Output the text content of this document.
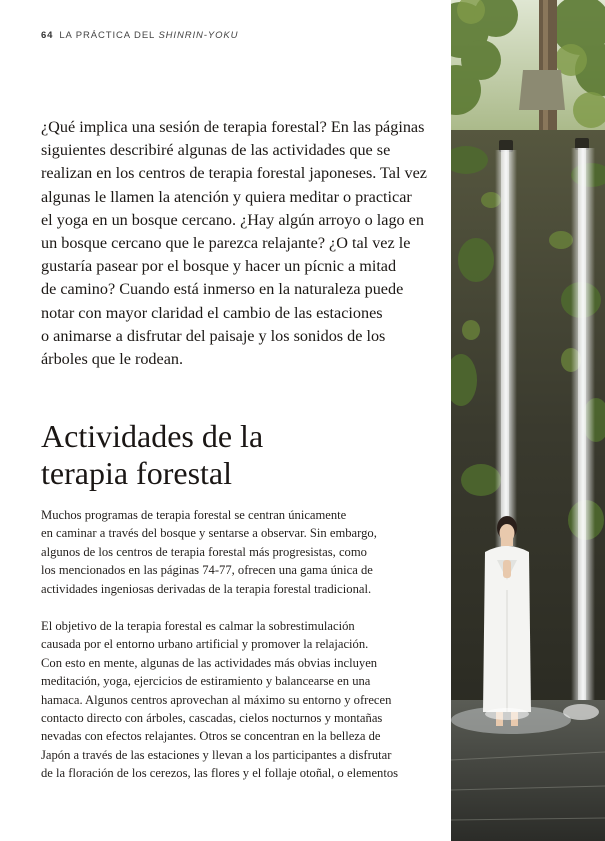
64 LA PRÁCTICA DEL SHINRIN-YOKU
¿Qué implica una sesión de terapia forestal? En las páginas
siguientes describiré algunas de las actividades que se
realizan en los centros de terapia forestal japoneses. Tal vez
algunas le llamen la atención y quiera meditar o practicar
el yoga en un bosque cercano. ¿Hay algún arroyo o lago en
un bosque cercano que le parezca relajante? ¿O tal vez le
gustaría pasear por el bosque y hacer un pícnic a mitad
de camino? Cuando está inmerso en la naturaleza puede
notar con mayor claridad el cambio de las estaciones
o animarse a disfrutar del paisaje y los sonidos de los
árboles que le rodean.
Actividades de la
terapia forestal
Muchos programas de terapia forestal se centran únicamente
en caminar a través del bosque y sentarse a observar. Sin embargo,
algunos de los centros de terapia forestal más progresistas, como
los mencionados en las páginas 74-77, ofrecen una gama única de
actividades ingeniosas derivadas de la terapia forestal tradicional.
El objetivo de la terapia forestal es calmar la sobrestimulación
causada por el entorno urbano artificial y promover la relajación.
Con esto en mente, algunas de las actividades más obvias incluyen
meditación, yoga, ejercicios de estiramiento y balancearse en una
hamaca. Algunos centros aprovechan al máximo su entorno y ofrecen
contacto directo con árboles, cascadas, cielos nocturnos y montañas
nevadas con efectos relajantes. Otros se concentran en la belleza de
Japón a través de las estaciones y llevan a los participantes a disfrutar
de la floración de los cerezos, las flores y el follaje otoñal, o elementos
